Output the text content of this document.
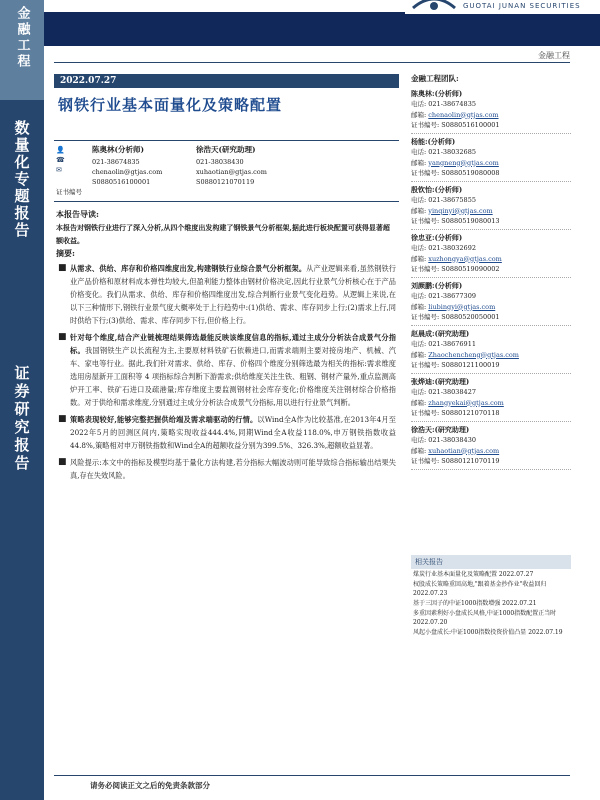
金融工程
数量化专题报告
证券研究报告
GUOTAI JUNAN SECURITIES
金融工程
2022.07.27
钢铁行业基本面量化及策略配置
👤
☎
✉
陈奥林(分析师)
021-38674835
chenaolin@gtjas.com
S0880516100001
徐浩天(研究助理)
021-38038430
xuhaotian@gtjas.com
S0880121070119
证书编号
本报告导读:
本报告对钢铁行业进行了深入分析,从四个维度出发构建了钢铁景气分析框架,据此进行板块配置可获得显著超额收益。
摘要:
■ 从需求、供给、库存和价格四维度出发,构建钢铁行业综合景气分析框架。从产业逻辑来看,虽然钢铁行业产品价格和原材料成本弹性均较大,但盈利能力整体由钢材价格决定,因此行业景气分析核心在于产品价格变化。我们从需求、供给、库存和价格四维度出发,综合判断行业景气变化趋势。从逻辑上来说,在以下三种情形下,钢铁行业景气度大概率处于上行趋势中:(1)供给、需求、库存同步上行;(2)需求上行,同时供给下行;(3)供给、需求、库存同步下行,但价格上行。
■ 针对每个维度,结合产业链梳理结果筛选最能反映该维度信息的指标,通过主成分分析法合成景气分指标。我国钢铁生产以长流程为主,主要原材料铁矿石依赖进口,而需求端则主要对接房地产、机械、汽车、家电等行业。据此,我们针对需求、供给、库存、价格四个维度分别筛选最为相关的指标:需求维度选用房屋新开工面积等 4 项指标综合判断下游需求;供给维度关注生铁、粗钢、钢材产量外,重点监测高炉开工率、铁矿石进口及疏港量;库存维度主要监测钢材社会库存变化;价格维度关注钢材综合价格指数。对于供给和需求维度,分别通过主成分分析法合成景气分指标,用以进行行业景气判断。
■ 策略表现较好,能够完整把握供给端及需求端驱动的行情。以Wind全A作为比较基准,在2013年4月至2022年5月的回测区间内,策略实现收益444.4%,同期Wind全A收益118.0%,申万钢铁指数收益44.8%,策略相对申万钢铁指数和Wind全A的超额收益分别为399.5%、326.3%,超额收益显著。
■ 风险提示:本文中的指标及模型均基于量化方法构建,若分指标大幅波动则可能导致综合指标输出结果失真,存在失效风险。
金融工程团队:
陈奥林:(分析师)
电话: 021-38674835
邮箱: chenaolin@gtjas.com
证书编号: S0880516100001
杨能:(分析师)
电话: 021-38032685
邮箱: yangneng@gtjas.com
证书编号: S0880519080008
殷钦怡:(分析师)
电话: 021-38675855
邮箱: yinqinyi@gtjas.com
证书编号: S0880519080013
徐忠亚:(分析师)
电话: 021-38032692
邮箱: xuzhongya@gtjas.com
证书编号: S0880519090002
刘颜鹏:(分析师)
电话: 021-38677309
邮箱: liubingyi@gtjas.com
证书编号: S0880520050001
赵晨成:(研究助理)
电话: 021-38676911
邮箱: Zhaochencheng@gtjas.com
证书编号: S0880121100019
张烨迪:(研究助理)
电话: 021-38038427
邮箱: zhangyekai@gtjas.com
证书编号: S0880121070118
徐浩天:(研究助理)
电话: 021-38038430
邮箱: xuhaotian@gtjas.com
证书编号: S0880121070119
相关报告
煤炭行业基本面量化及策略配置 2022.07.27
权股成长策略重回高地,"跟着基金抄作业"收益回归 2022.07.23
基于三因子的中证1000指数增强 2022.07.21
多重因素利好小盘成长风格,中证1000指数配置正当时 2022.07.20
风起小盘成长:中证1000指数投资价值凸显 2022.07.19
请务必阅读正文之后的免责条款部分
